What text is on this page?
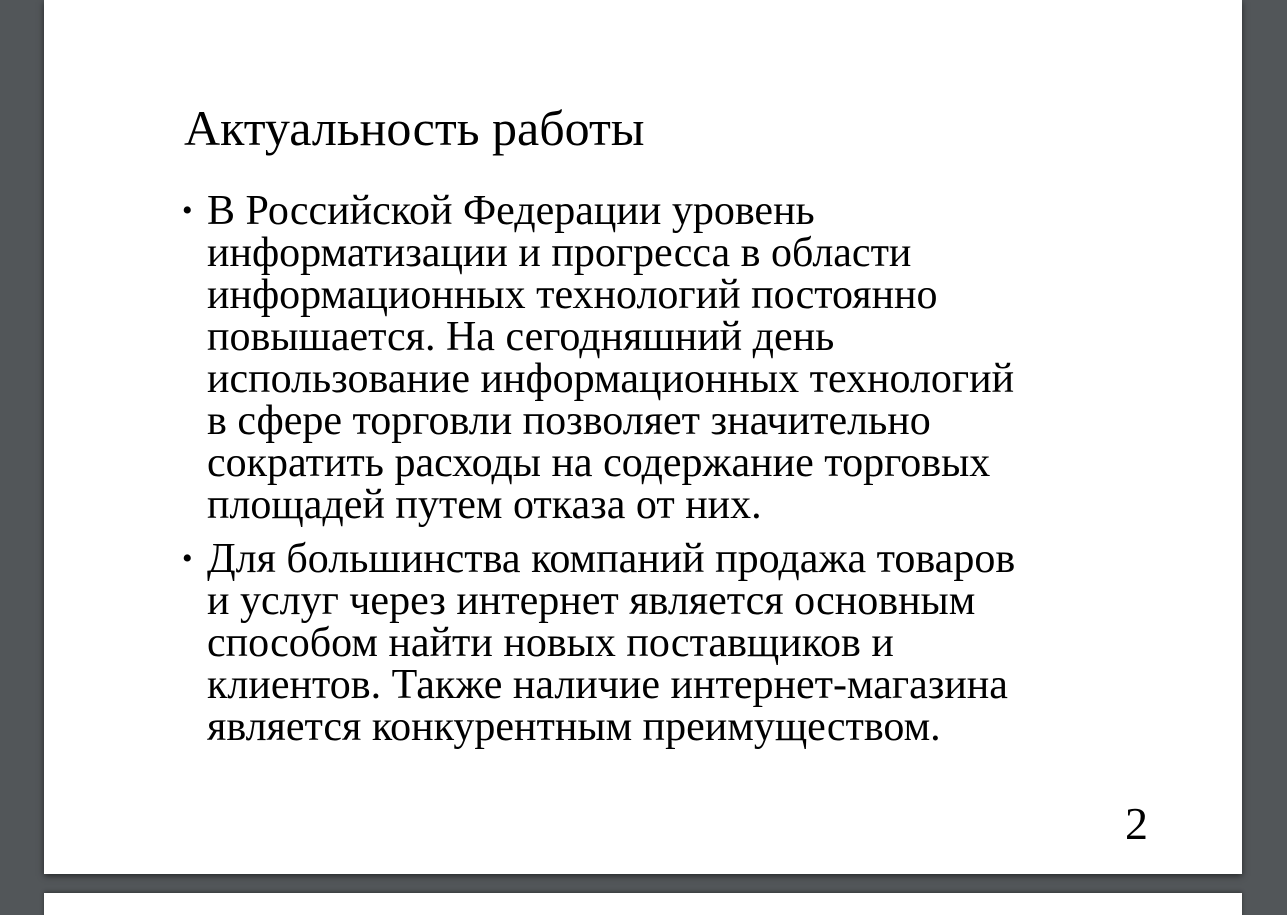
Актуальность работы
• В Российской Федерации уровень
информатизации и прогресса в области
информационных технологий постоянно
повышается. На сегодняшний день
использование информационных технологий
в сфере торговли позволяет значительно
сократить расходы на содержание торговых
площадей путем отказа от них.
• Для большинства компаний продажа товаров
и услуг через интернет является основным
способом найти новых поставщиков и
клиентов. Также наличие интернет-магазина
является конкурентным преимуществом.
2
